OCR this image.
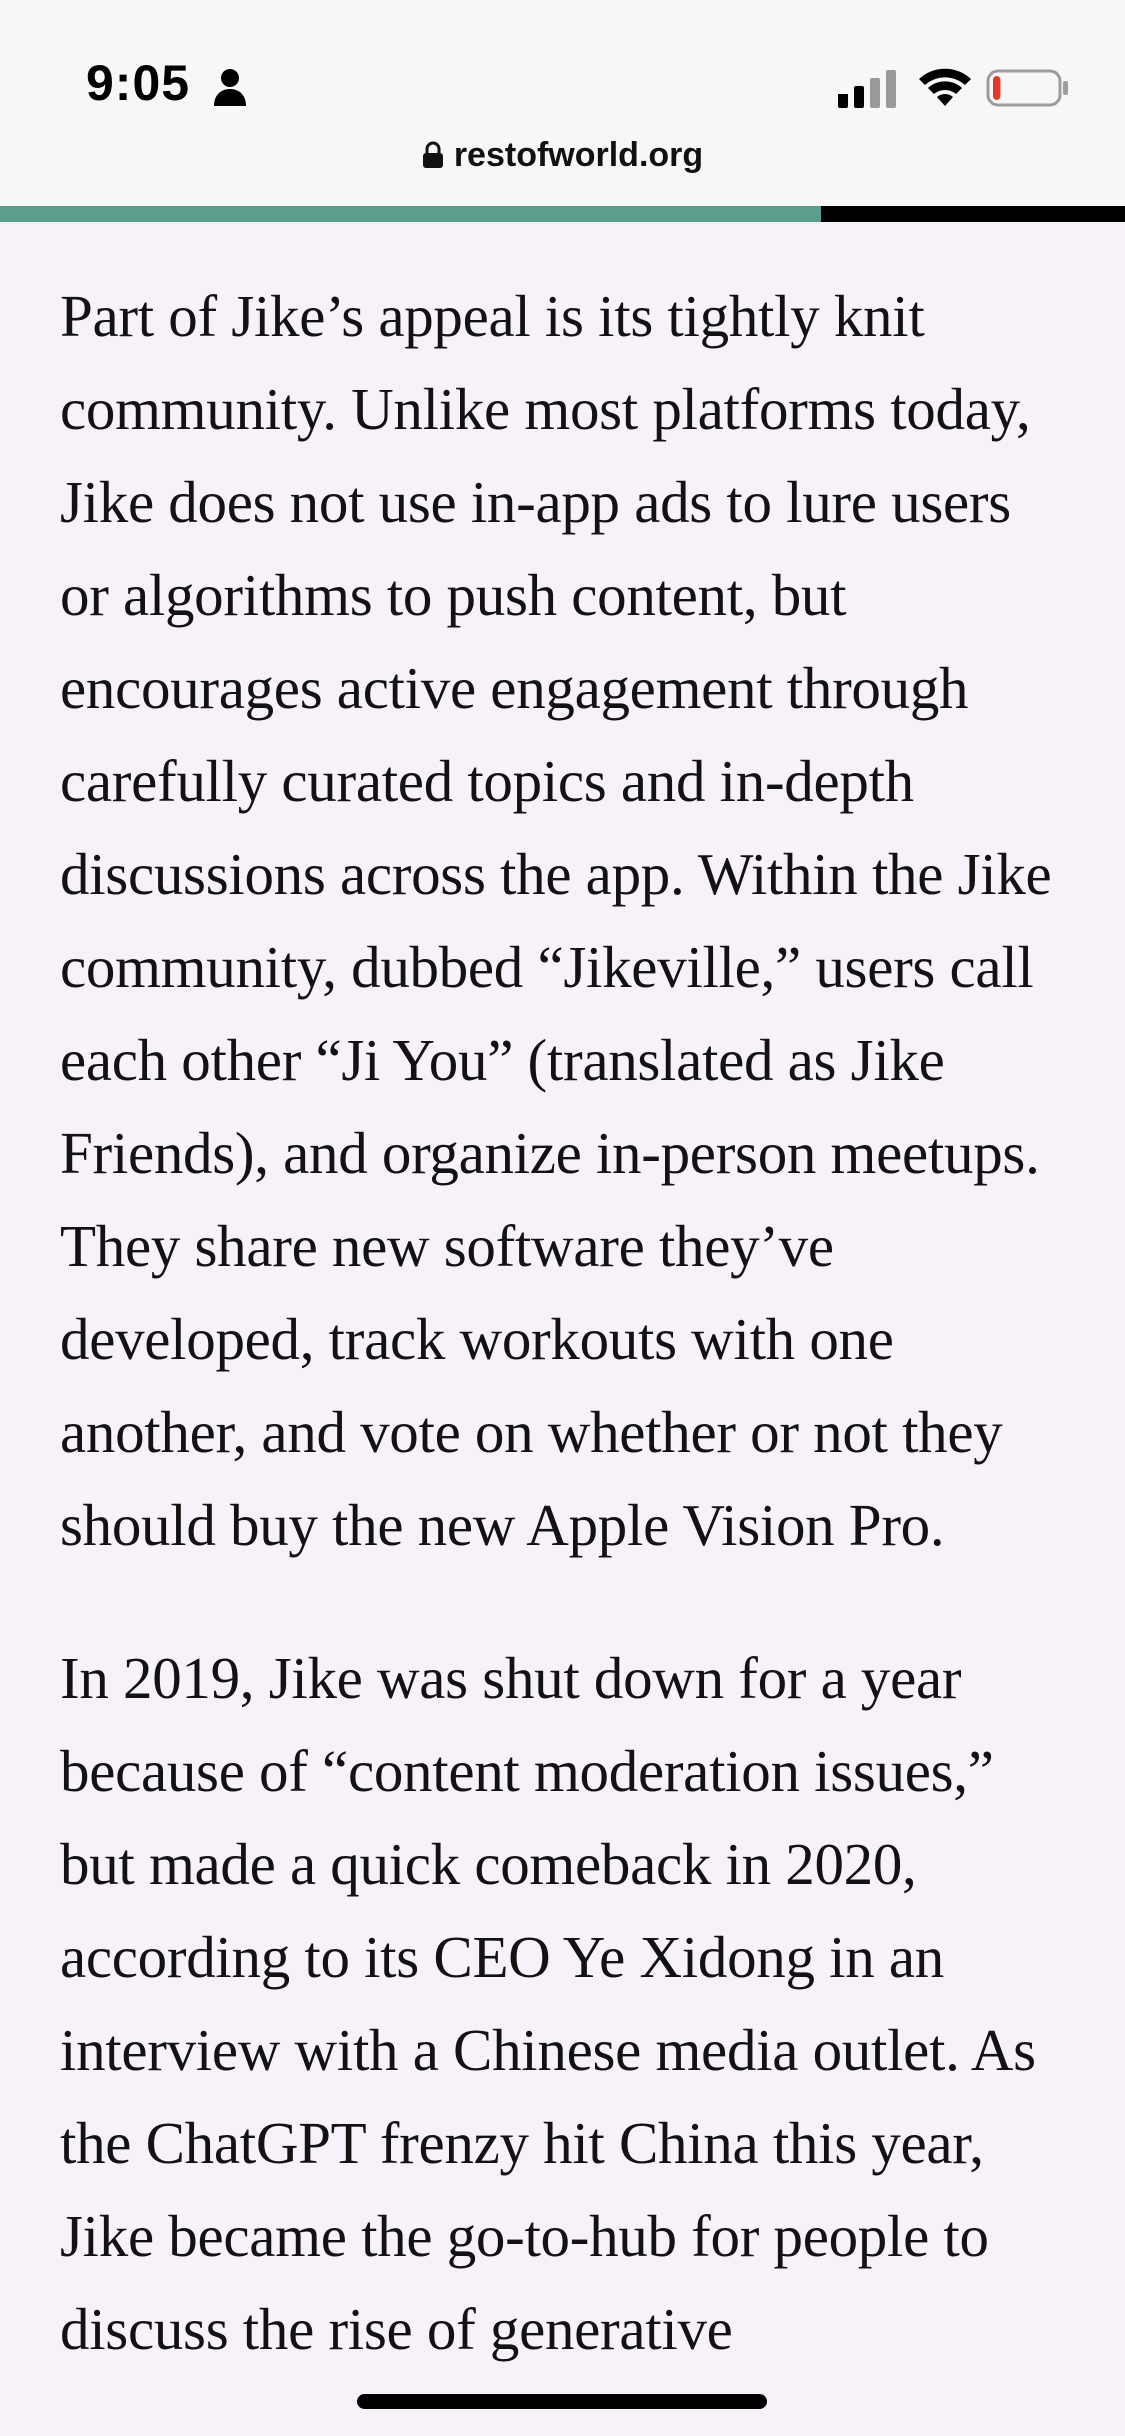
9:05
restofworld.org

Part of Jike’s appeal is its tightly knit community. Unlike most platforms today, Jike does not use in-app ads to lure users or algorithms to push content, but encourages active engagement through carefully curated topics and in-depth discussions across the app. Within the Jike community, dubbed “Jikeville,” users call each other “Ji You” (translated as Jike Friends), and organize in-person meetups. They share new software they’ve developed, track workouts with one another, and vote on whether or not they should buy the new Apple Vision Pro.

In 2019, Jike was shut down for a year because of “content moderation issues,” but made a quick comeback in 2020, according to its CEO Ye Xidong in an interview with a Chinese media outlet. As the ChatGPT frenzy hit China this year, Jike became the go-to-hub for people to discuss the rise of generative
